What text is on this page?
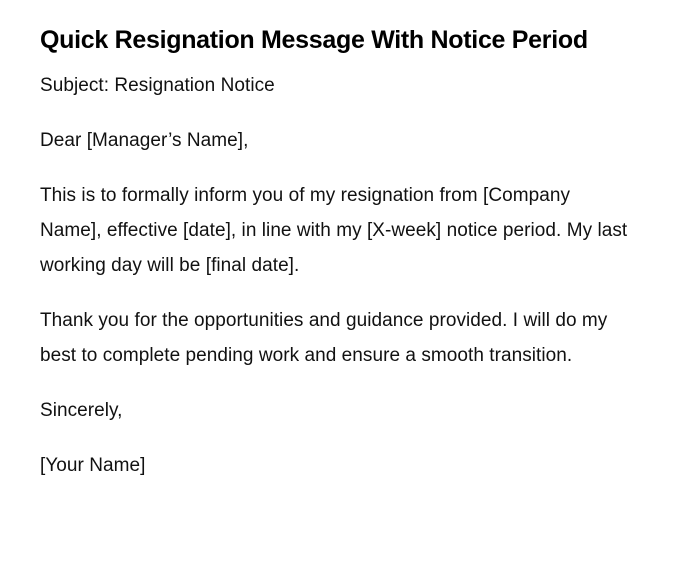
Quick Resignation Message With Notice Period

Subject: Resignation Notice

Dear [Manager’s Name],

This is to formally inform you of my resignation from [Company Name], effective [date], in line with my [X-week] notice period. My last working day will be [final date].

Thank you for the opportunities and guidance provided. I will do my best to complete pending work and ensure a smooth transition.

Sincerely,

[Your Name]
